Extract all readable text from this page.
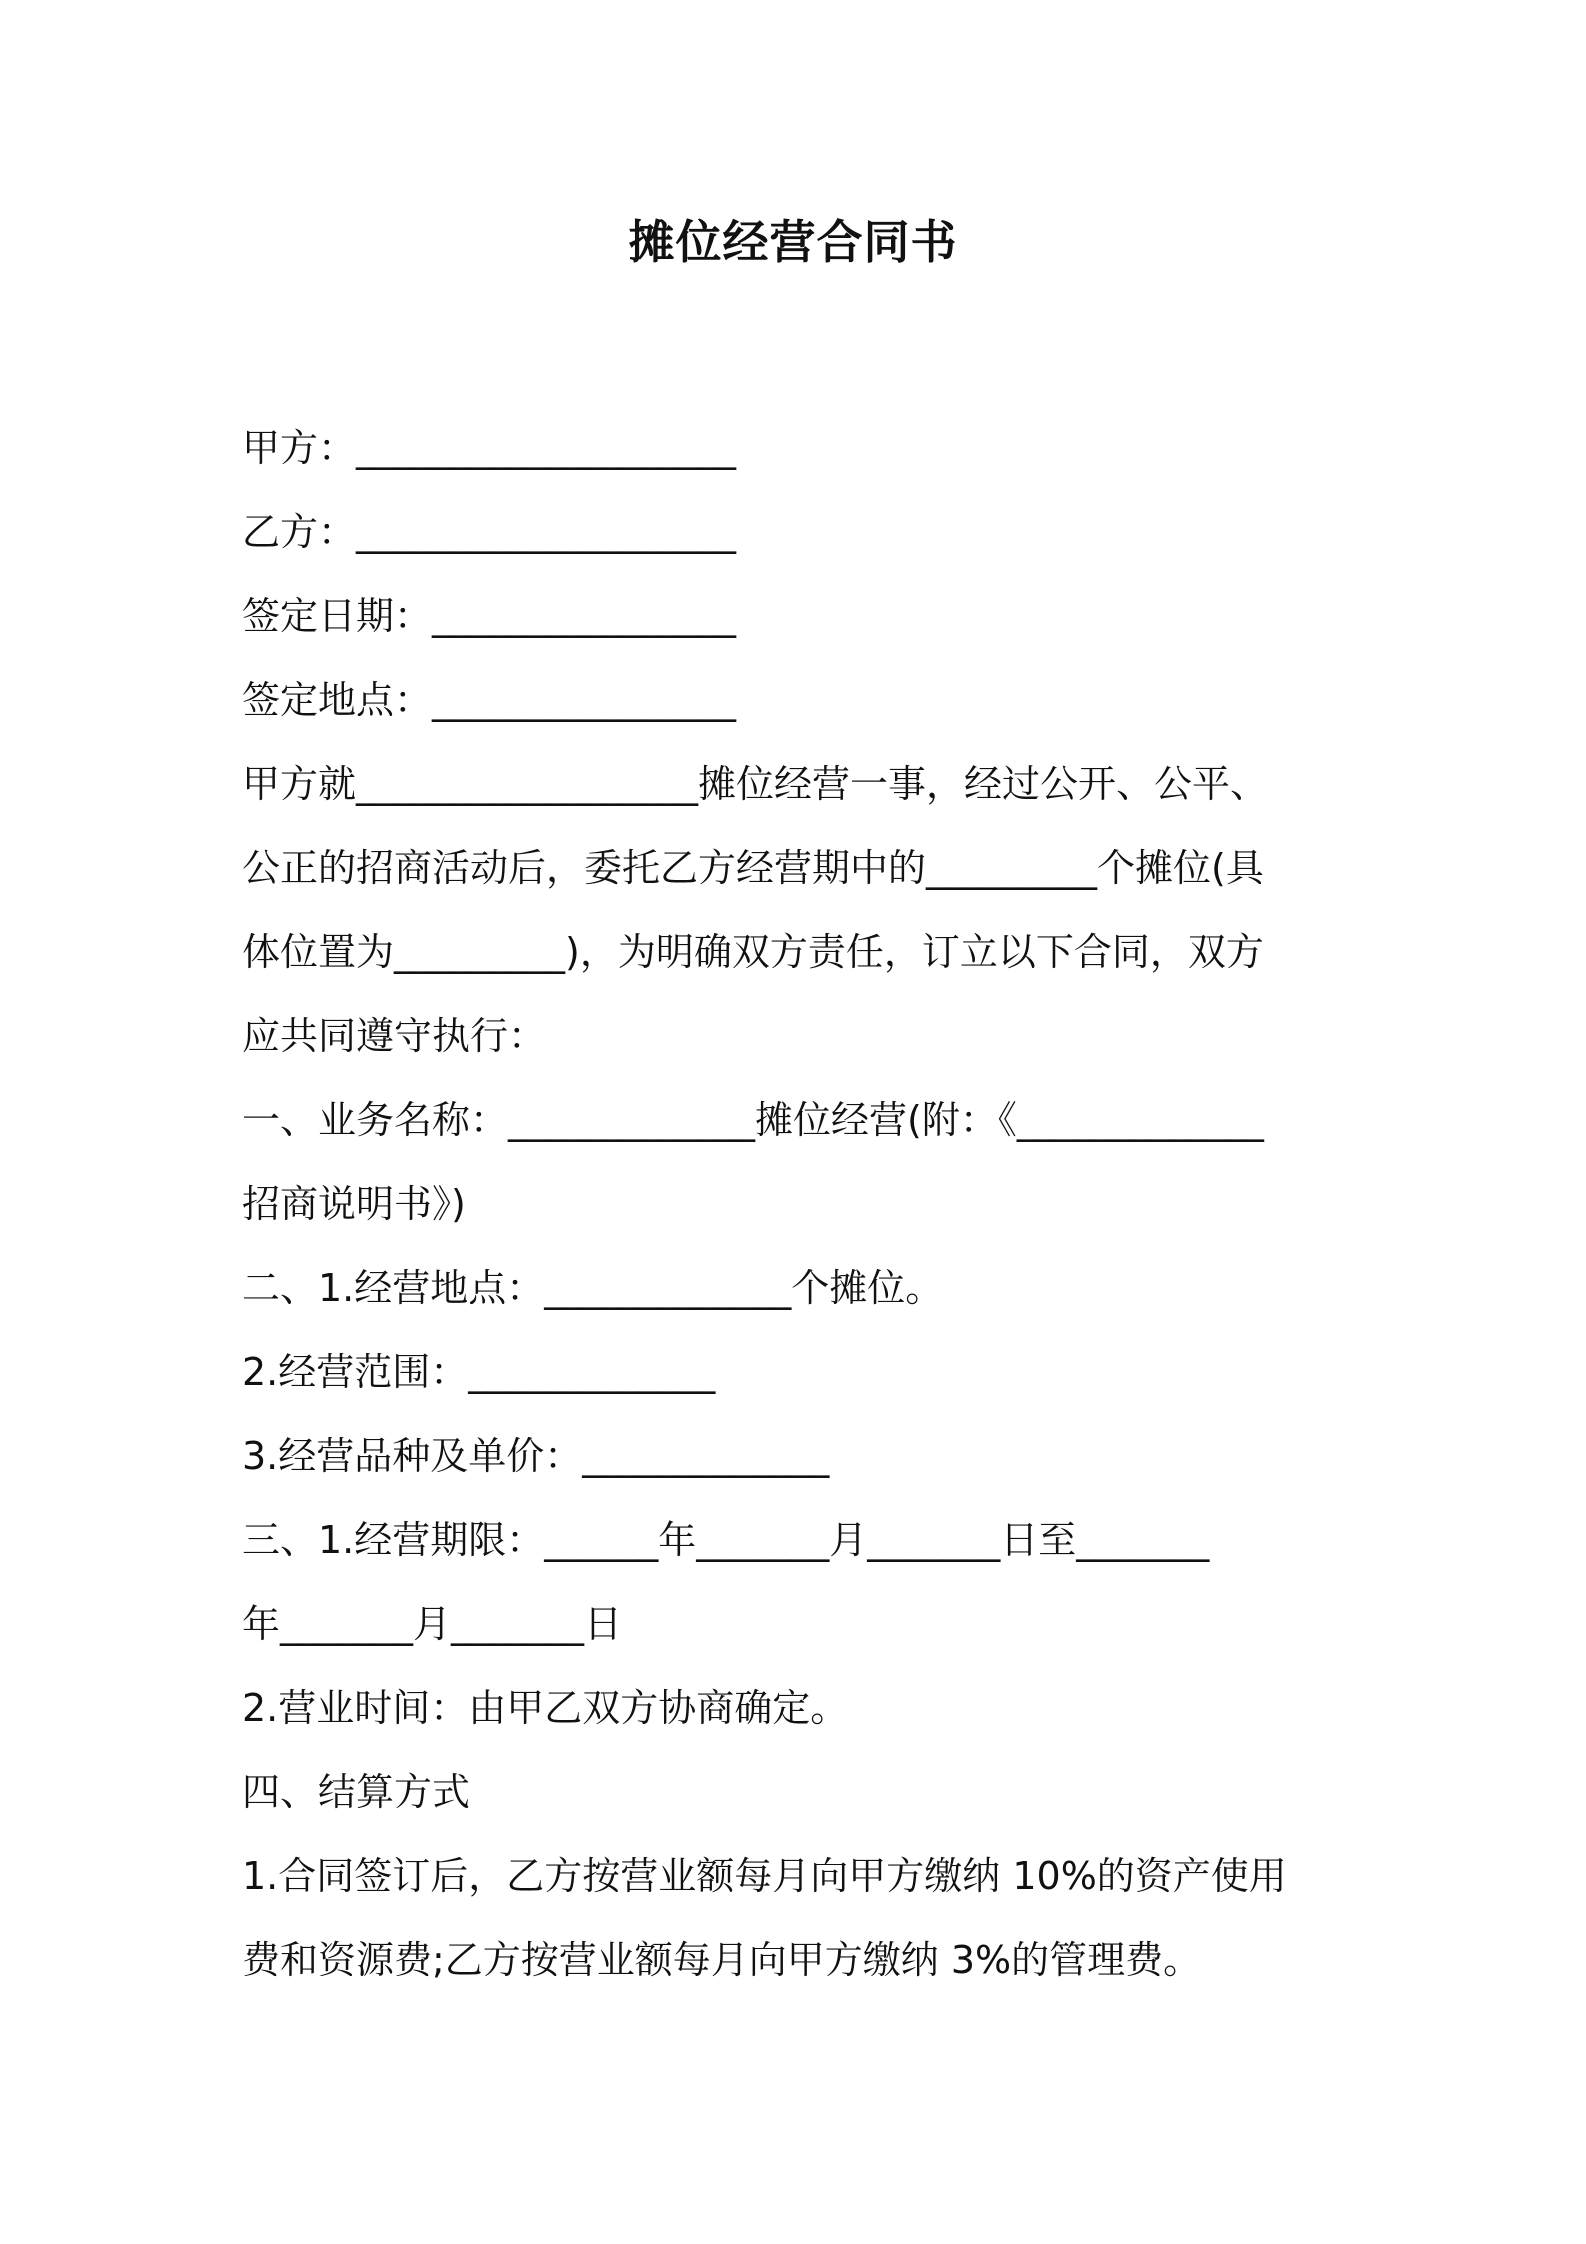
摊位经营合同书

甲方：____________________

乙方：____________________

签定日期：________________

签定地点：________________

甲方就__________________摊位经营一事，经过公开、公平、

公正的招商活动后，委托乙方经营期中的_________个摊位(具

体位置为_________)，为明确双方责任，订立以下合同，双方

应共同遵守执行：

一、业务名称：_____________摊位经营(附：《_____________

招商说明书》)

二、1.经营地点：_____________个摊位。

2.经营范围：_____________

3.经营品种及单价：_____________

三、1.经营期限：______年_______月_______日至_______

年_______月_______日

2.营业时间：由甲乙双方协商确定。

四、结算方式

1.合同签订后，乙方按营业额每月向甲方缴纳 10%的资产使用

费和资源费;乙方按营业额每月向甲方缴纳 3%的管理费。
